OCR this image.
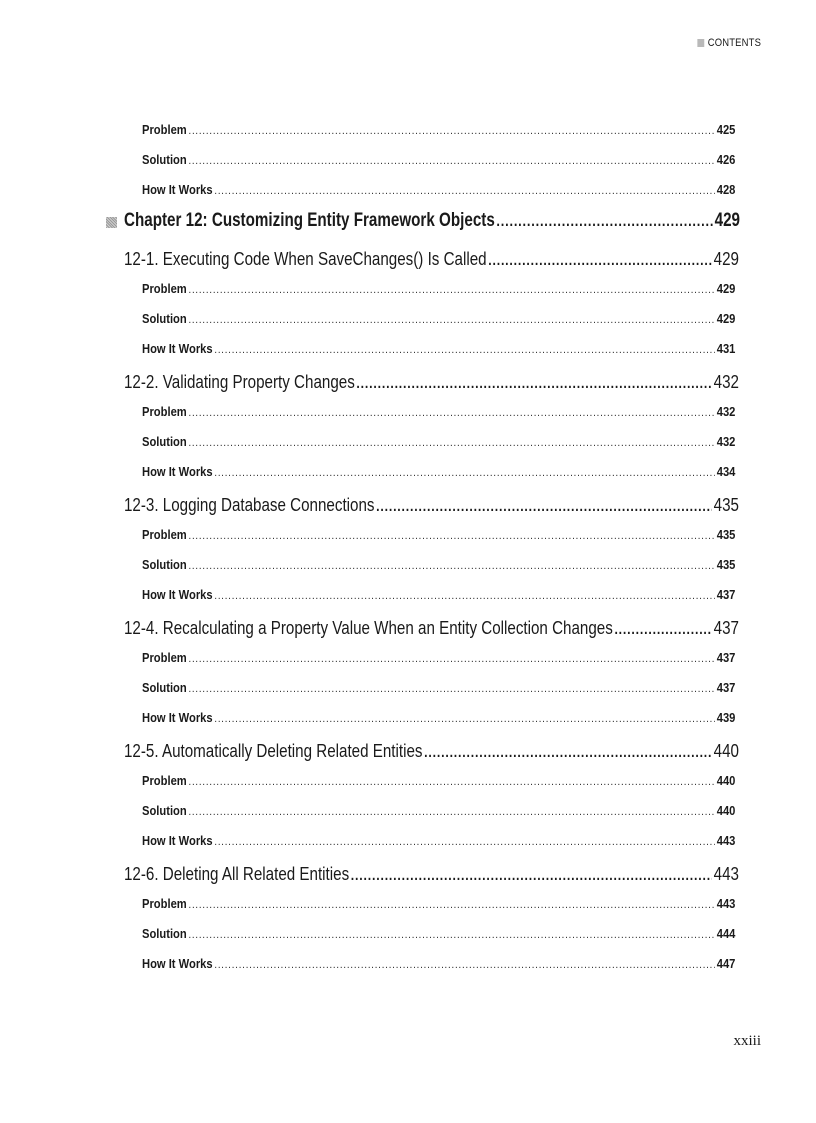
CONTENTS
Problem .....	425
Solution .....	426
How It Works .....	428
Chapter 12: Customizing Entity Framework Objects .....	429
12-1. Executing Code When SaveChanges() Is Called .....	429
Problem .....	429
Solution .....	429
How It Works .....	431
12-2. Validating Property Changes .....	432
Problem .....	432
Solution .....	432
How It Works .....	434
12-3. Logging Database Connections .....	435
Problem .....	435
Solution .....	435
How It Works .....	437
12-4. Recalculating a Property Value When an Entity Collection Changes .....	437
Problem .....	437
Solution .....	437
How It Works .....	439
12-5. Automatically Deleting Related Entities .....	440
Problem .....	440
Solution .....	440
How It Works .....	443
12-6. Deleting All Related Entities .....	443
Problem .....	443
Solution .....	444
How It Works .....	447
xxiii
